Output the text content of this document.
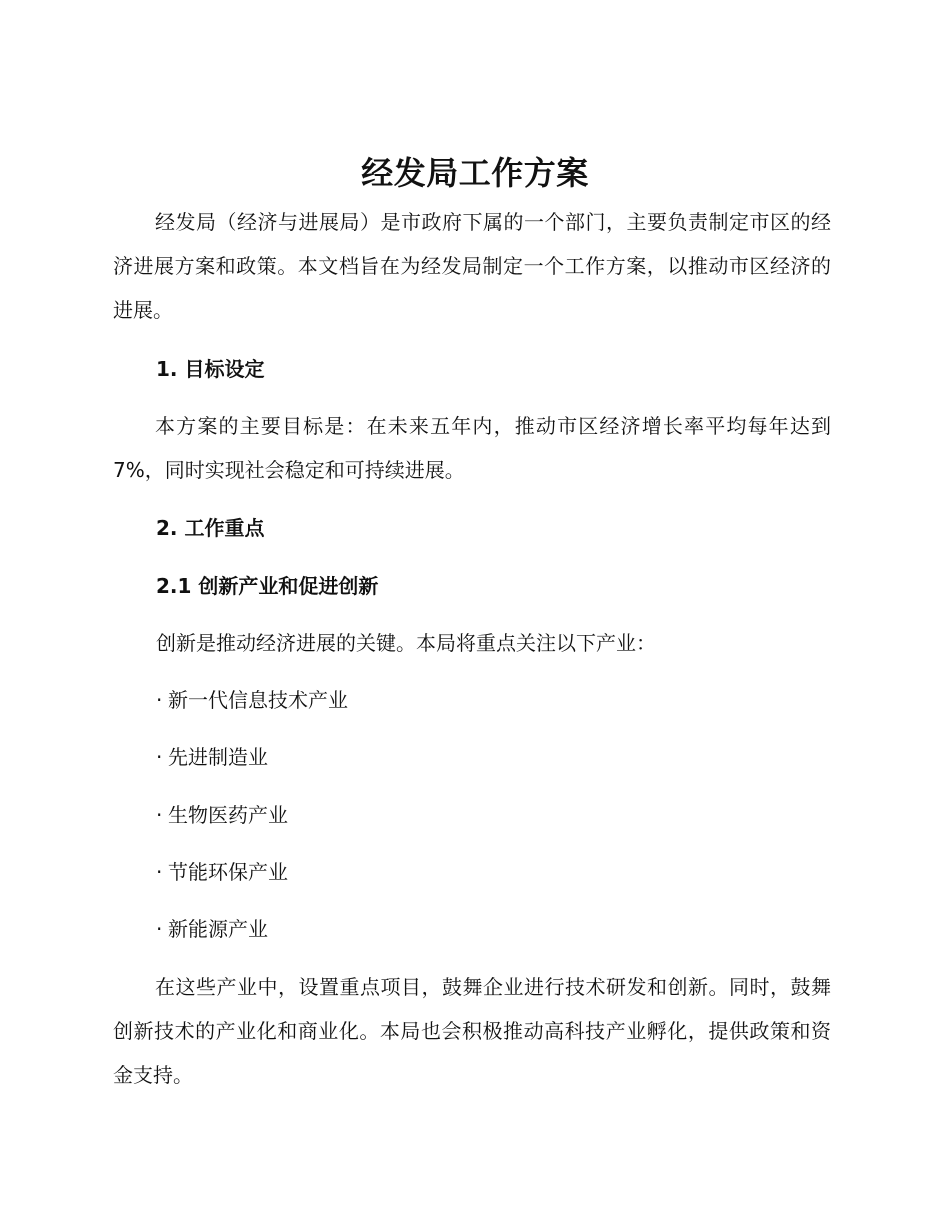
经发局工作方案
经发局（经济与进展局）是市政府下属的一个部门，主要负责制定市区的经济进展方案和政策。本文档旨在为经发局制定一个工作方案，以推动市区经济的进展。
1. 目标设定
本方案的主要目标是：在未来五年内，推动市区经济增长率平均每年达到 7%，同时实现社会稳定和可持续进展。
2. 工作重点
2.1 创新产业和促进创新
创新是推动经济进展的关键。本局将重点关注以下产业：
· 新一代信息技术产业
· 先进制造业
· 生物医药产业
· 节能环保产业
· 新能源产业
在这些产业中，设置重点项目，鼓舞企业进行技术研发和创新。同时，鼓舞创新技术的产业化和商业化。本局也会积极推动高科技产业孵化，提供政策和资金支持。
